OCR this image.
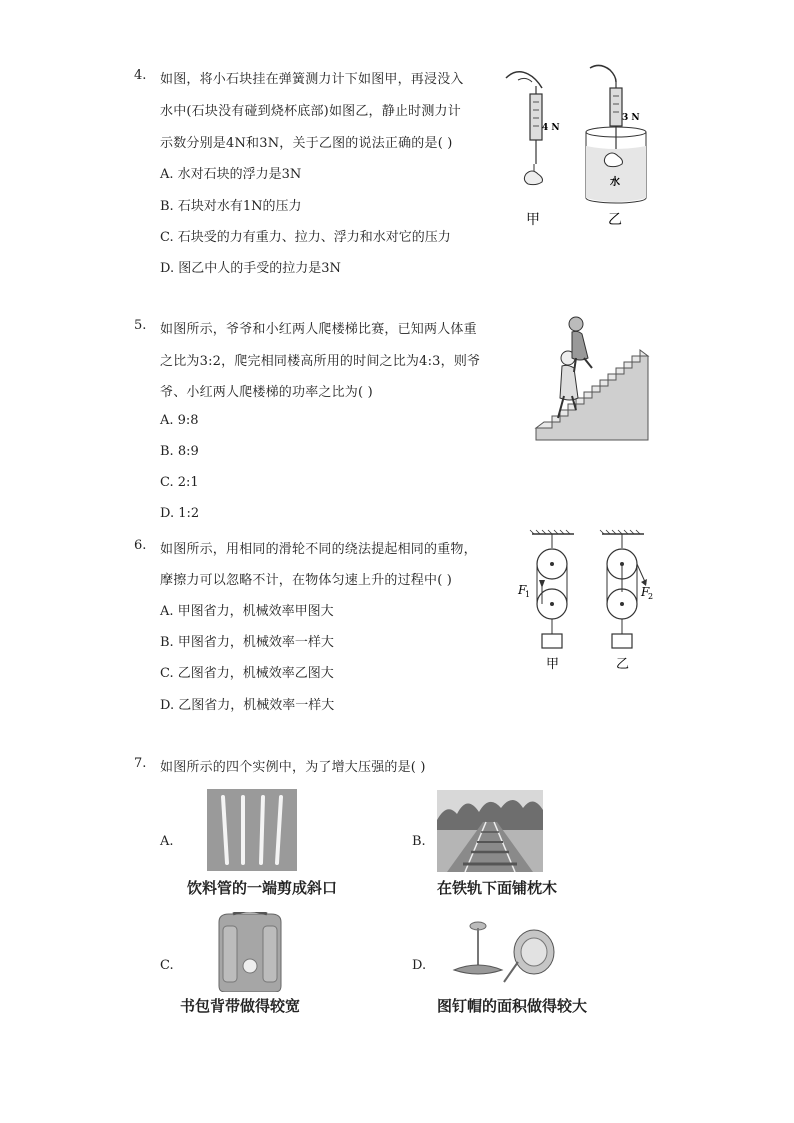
4. 如图，将小石块挂在弹簧测力计下如图甲，再浸没入
水中(石块没有碰到烧杯底部)如图乙，静止时测力计
示数分别是4N和3N，关于乙图的说法正确的是( )
A. 水对石块的浮力是3N
B. 石块对水有1N的压力
C. 石块受的力有重力、拉力、浮力和水对它的压力
D. 图乙中人的手受的拉力是3N
4 N
甲
3 N
水
乙
5. 如图所示，爷爷和小红两人爬楼梯比赛，已知两人体重
之比为3:2，爬完相同楼高所用的时间之比为4:3，则爷
爷、小红两人爬楼梯的功率之比为( )
A. 9:8
B. 8:9
C. 2:1
D. 1:2
6. 如图所示，用相同的滑轮不同的绕法提起相同的重物，
摩擦力可以忽略不计，在物体匀速上升的过程中( )
A. 甲图省力，机械效率甲图大
B. 甲图省力，机械效率一样大
C. 乙图省力，机械效率乙图大
D. 乙图省力，机械效率一样大
F
1
甲
F
2
乙
7. 如图所示的四个实例中，为了增大压强的是( )
A.
饮料管的一端剪成斜口
B.
在铁轨下面铺枕木
C.
书包背带做得较宽
D.
图钉帽的面积做得较大
